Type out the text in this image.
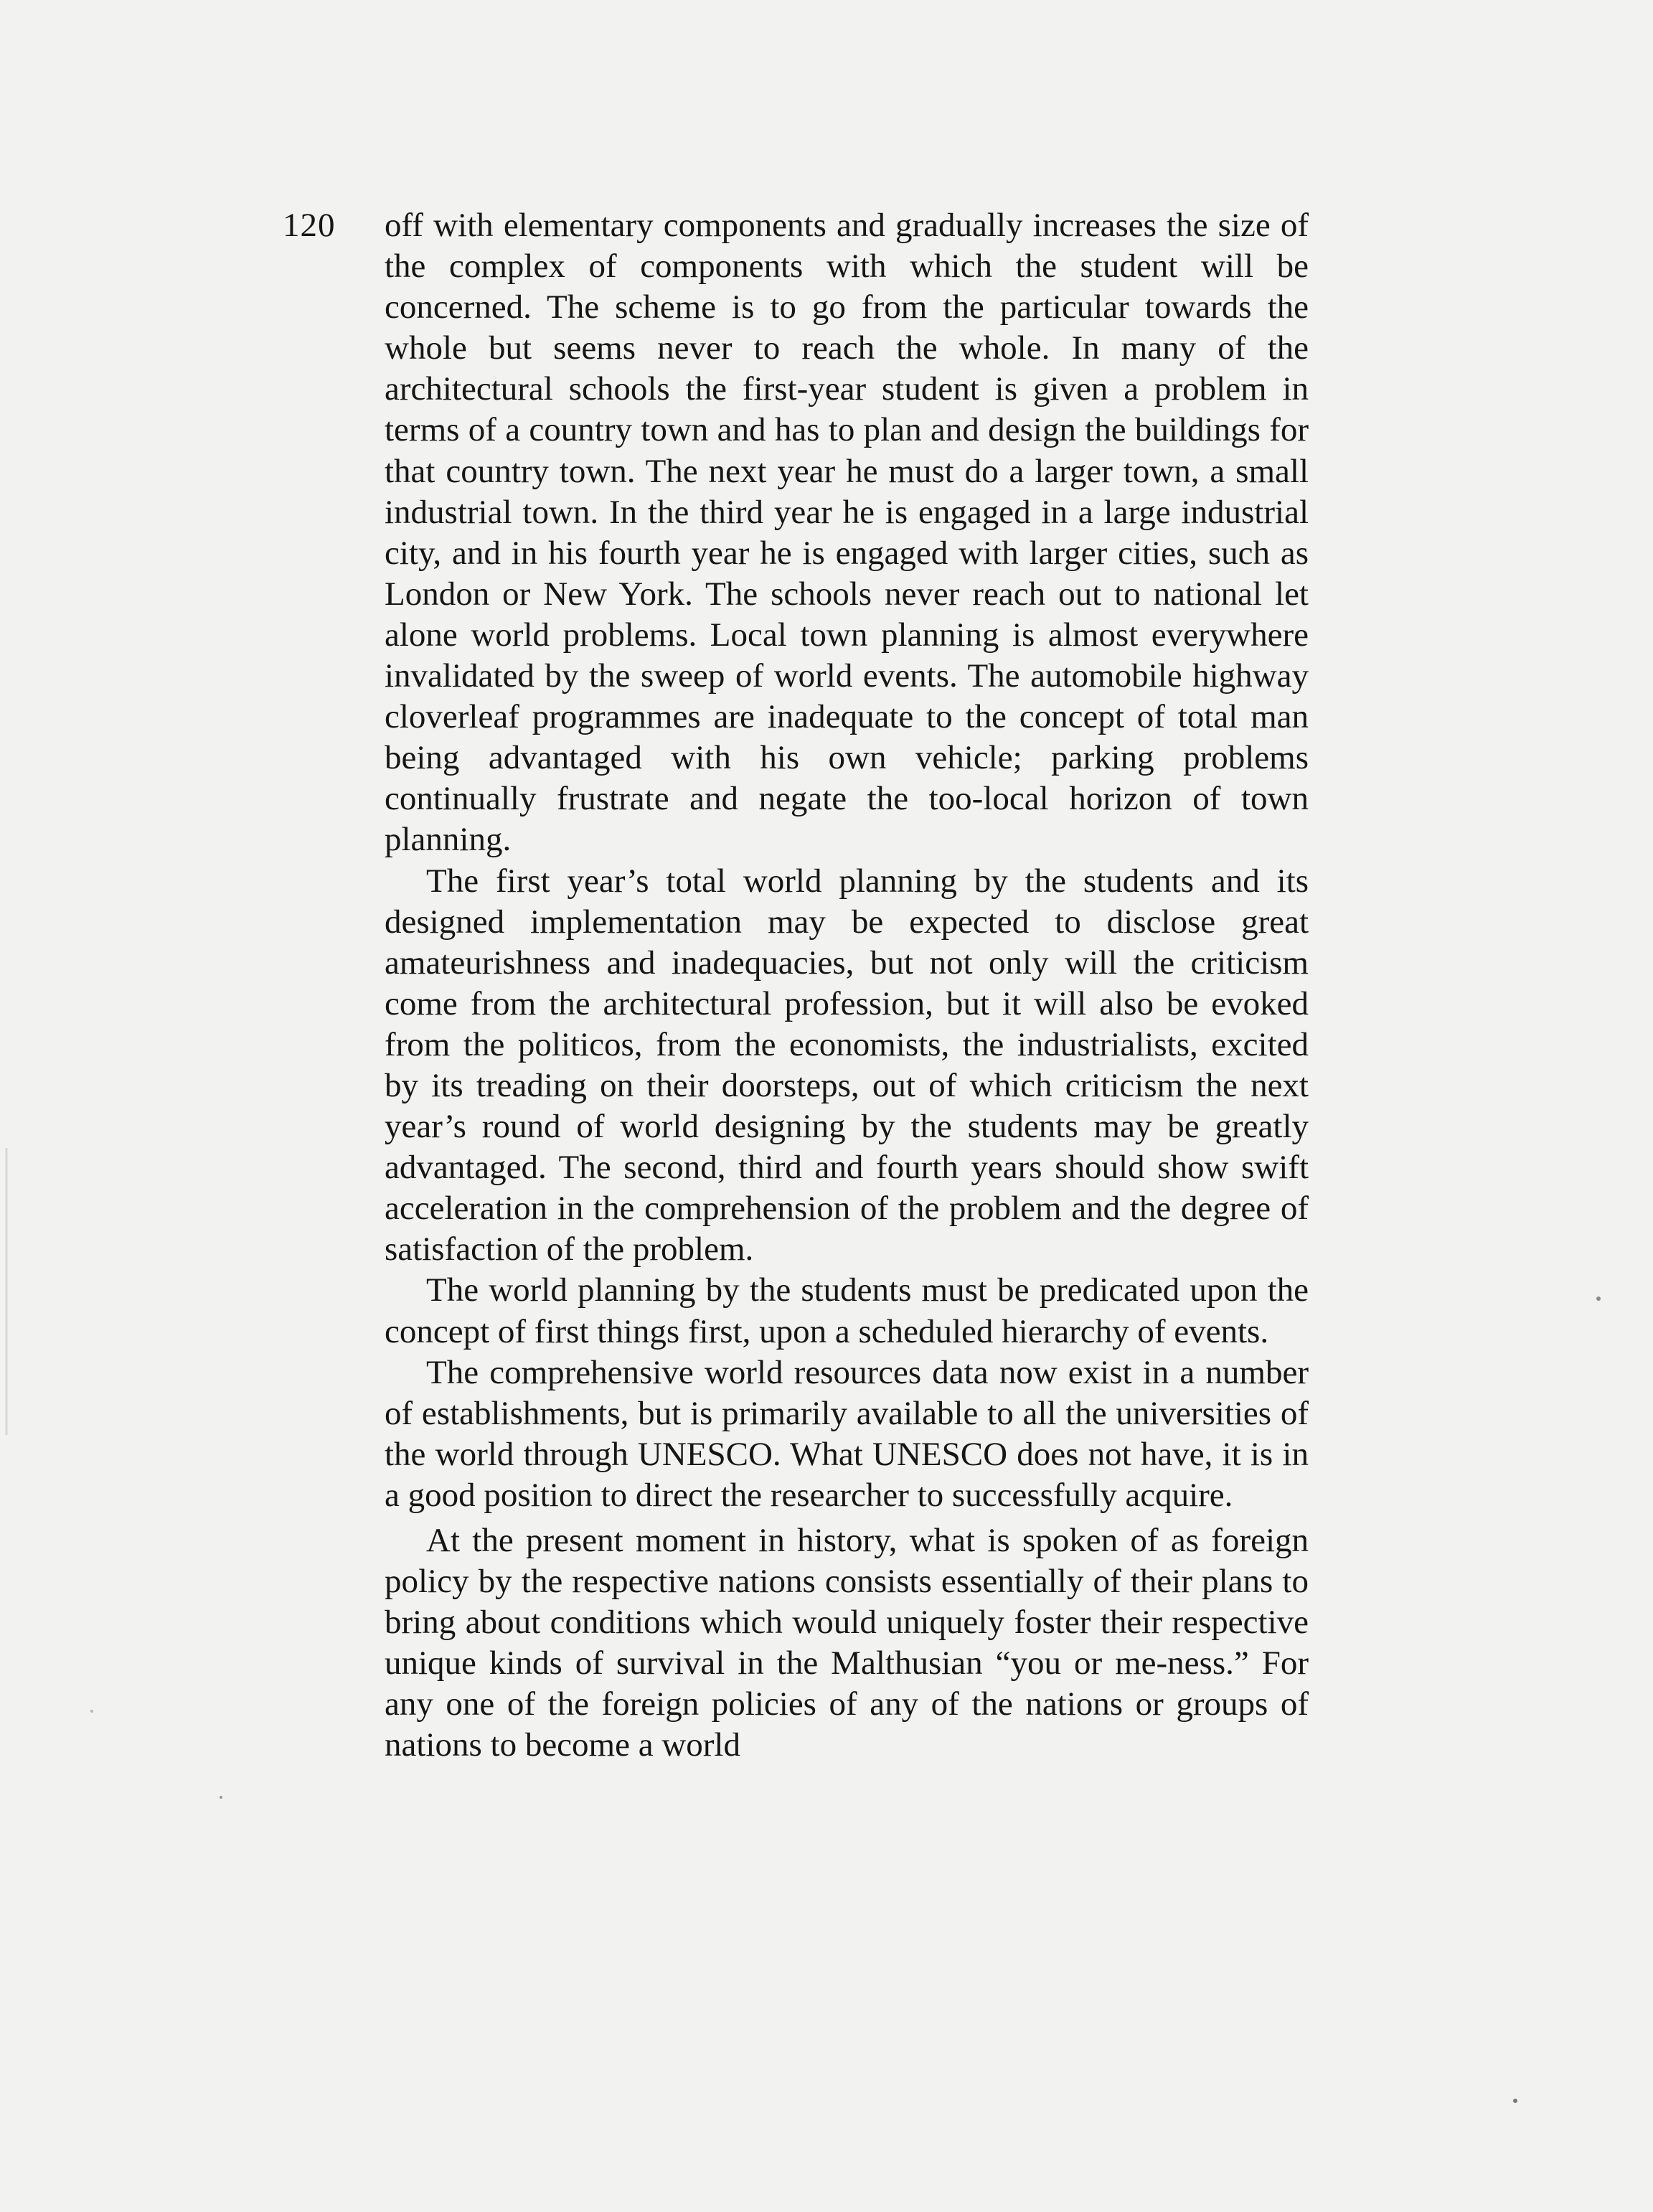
120 off with elementary components and gradually increases the size of the complex of components with which the student will be concerned. The scheme is to go from the particular towards the whole but seems never to reach the whole. In many of the architectural schools the first-year student is given a problem in terms of a country town and has to plan and design the buildings for that country town. The next year he must do a larger town, a small industrial town. In the third year he is engaged in a large industrial city, and in his fourth year he is engaged with larger cities, such as London or New York. The schools never reach out to national let alone world problems. Local town planning is almost everywhere invalidated by the sweep of world events. The automobile highway cloverleaf programmes are inadequate to the concept of total man being advantaged with his own vehicle; parking problems continually frustrate and negate the too-local horizon of town planning.

The first year’s total world planning by the students and its designed implementation may be expected to disclose great amateurishness and inadequacies, but not only will the criticism come from the architectural profession, but it will also be evoked from the politicos, from the economists, the industrialists, excited by its treading on their doorsteps, out of which criticism the next year’s round of world designing by the students may be greatly advantaged. The second, third and fourth years should show swift acceleration in the comprehension of the problem and the degree of satisfaction of the problem.

The world planning by the students must be predicated upon the concept of first things first, upon a scheduled hierarchy of events.

The comprehensive world resources data now exist in a number of establishments, but is primarily available to all the universities of the world through UNESCO. What UNESCO does not have, it is in a good position to direct the researcher to successfully acquire.

At the present moment in history, what is spoken of as foreign policy by the respective nations consists essentially of their plans to bring about conditions which would uniquely foster their respective unique kinds of survival in the Malthusian “you or me-ness.” For any one of the foreign policies of any of the nations or groups of nations to become a world
